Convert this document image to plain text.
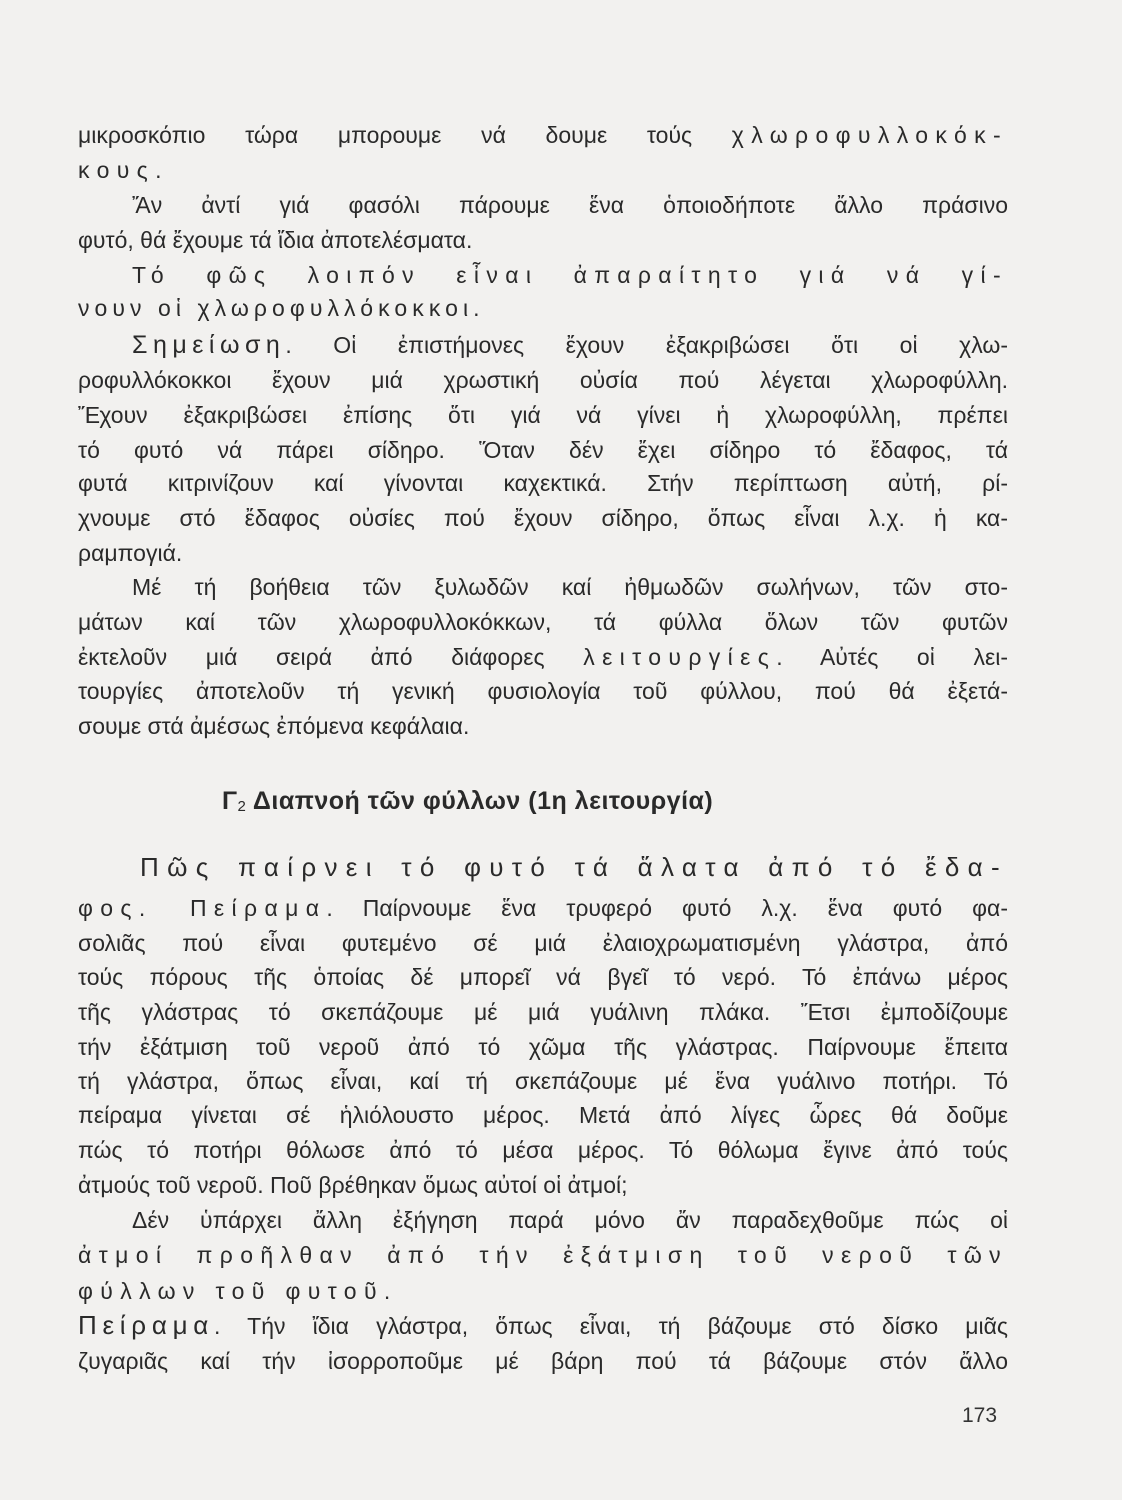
μικροσκόπιο τώρα μπορουμε νά δουμε τούς χλωροφυλλοκόκ-
κους.
Ἄν ἀντί γιά φασόλι πάρουμε ἕνα ὁποιοδήποτε ἄλλο πράσινο
φυτό, θά ἔχουμε τά ἴδια ἀποτελέσματα.
Τό φῶς λοιπόν εἶναι ἀπαραίτητο γιά νά γί-
νουν οἱ χλωροφυλλόκοκκοι.
Σημείωση. Οἱ ἐπιστήμονες ἔχουν ἐξακριβώσει ὅτι οἱ χλω-
ροφυλλόκοκκοι ἔχουν μιά χρωστική οὐσία πού λέγεται χλωροφύλλη.
Ἔχουν ἐξακριβώσει ἐπίσης ὅτι γιά νά γίνει ἡ χλωροφύλλη, πρέπει
τό φυτό νά πάρει σίδηρο. Ὅταν δέν ἔχει σίδηρο τό ἔδαφος, τά
φυτά κιτρινίζουν καί γίνονται καχεκτικά. Στήν περίπτωση αὐτή, ρί-
χνουμε στό ἔδαφος οὐσίες πού ἔχουν σίδηρο, ὅπως εἶναι λ.χ. ἡ κα-
ραμπογιά.
Μέ τή βοήθεια τῶν ξυλωδῶν καί ἠθμωδῶν σωλήνων, τῶν στο-
μάτων καί τῶν χλωροφυλλοκόκκων, τά φύλλα ὅλων τῶν φυτῶν
ἐκτελοῦν μιά σειρά ἀπό διάφορες λειτουργίες. Αὐτές οἱ λει-
τουργίες ἀποτελοῦν τή γενική φυσιολογία τοῦ φύλλου, πού θά ἐξετά-
σουμε στά ἀμέσως ἐπόμενα κεφάλαια.
$\Gamma_2$ Διαπνοή τῶν φύλλων (1η λειτουργία)
Πῶς παίρνει τό φυτό τά ἅλατα ἀπό τό ἔδα-
φος. Πείραμα. Παίρνουμε ἕνα τρυφερό φυτό λ.χ. ἕνα φυτό φα-
σολιᾶς πού εἶναι φυτεμένο σέ μιά ἐλαιοχρωματισμένη γλάστρα, ἀπό
τούς πόρους τῆς ὁποίας δέ μπορεῖ νά βγεῖ τό νερό. Τό ἐπάνω μέρος
τῆς γλάστρας τό σκεπάζουμε μέ μιά γυάλινη πλάκα. Ἔτσι ἐμποδίζουμε
τήν ἐξάτμιση τοῦ νεροῦ ἀπό τό χῶμα τῆς γλάστρας. Παίρνουμε ἔπειτα
τή γλάστρα, ὅπως εἶναι, καί τή σκεπάζουμε μέ ἕνα γυάλινο ποτήρι. Τό
πείραμα γίνεται σέ ἡλιόλουστο μέρος. Μετά ἀπό λίγες ὧρες θά δοῦμε
πώς τό ποτήρι θόλωσε ἀπό τό μέσα μέρος. Τό θόλωμα ἔγινε ἀπό τούς
ἀτμούς τοῦ νεροῦ. Ποῦ βρέθηκαν ὅμως αὐτοί οἱ ἀτμοί;
Δέν ὑπάρχει ἄλλη ἐξήγηση παρά μόνο ἄν παραδεχθοῦμε πώς οἱ
ἀτμοί προῆλθαν ἀπό τήν ἐξάτμιση τοῦ νεροῦ τῶν
φύλλων τοῦ φυτοῦ.
Πείραμα. Τήν ἴδια γλάστρα, ὅπως εἶναι, τή βάζουμε στό δίσκο μιᾶς
ζυγαριᾶς καί τήν ἰσορροποῦμε μέ βάρη πού τά βάζουμε στόν ἄλλο
173
